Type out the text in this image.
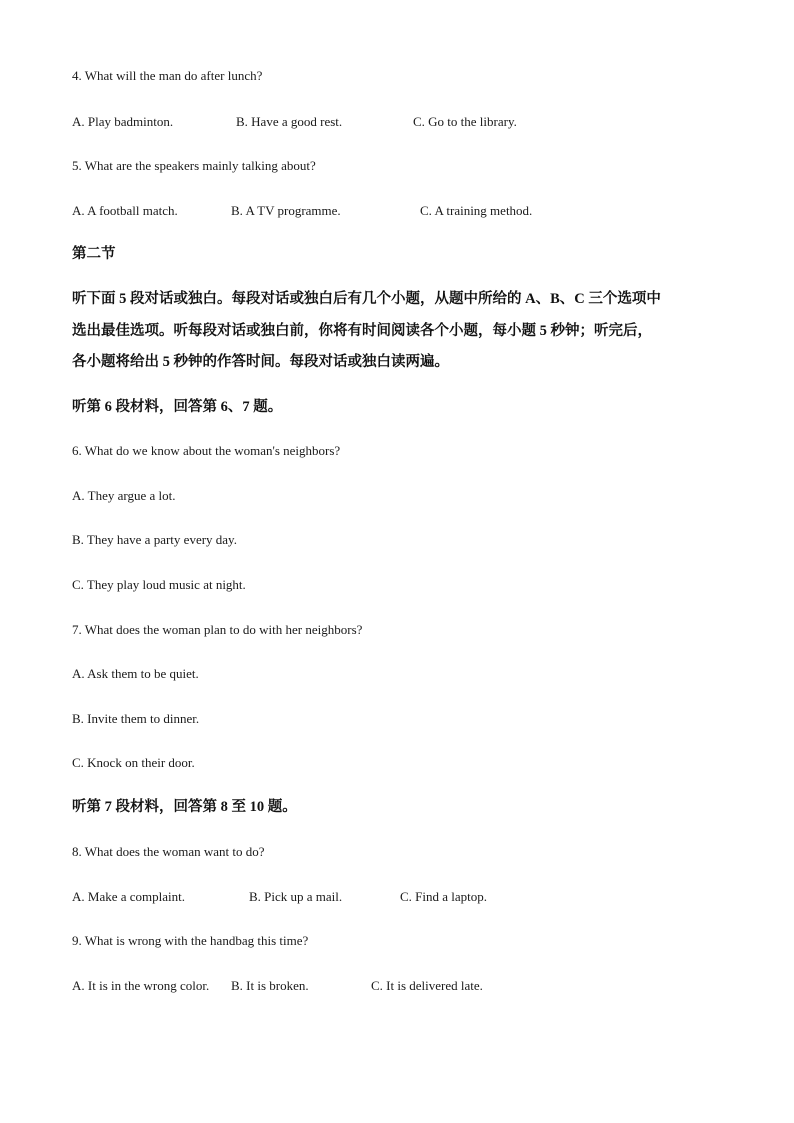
4. What will the man do after lunch?
A. Play badminton.	B. Have a good rest.	C. Go to the library.
5. What are the speakers mainly talking about?
A. A football match.	B. A TV programme.	C. A training method.
第二节
听下面 5 段对话或独白。每段对话或独白后有几个小题，从题中所给的 A、B、C 三个选项中
选出最佳选项。听每段对话或独白前，你将有时间阅读各个小题，每小题 5 秒钟；听完后，
各小题将给出 5 秒钟的作答时间。每段对话或独白读两遍。
听第 6 段材料，回答第 6、7 题。
6. What do we know about the woman's neighbors?
A. They argue a lot.
B. They have a party every day.
C. They play loud music at night.
7. What does the woman plan to do with her neighbors?
A. Ask them to be quiet.
B. Invite them to dinner.
C. Knock on their door.
听第 7 段材料，回答第 8 至 10 题。
8. What does the woman want to do?
A. Make a complaint.	B. Pick up a mail.	C. Find a laptop.
9. What is wrong with the handbag this time?
A. It is in the wrong color. B. It is broken.	C. It is delivered late.
